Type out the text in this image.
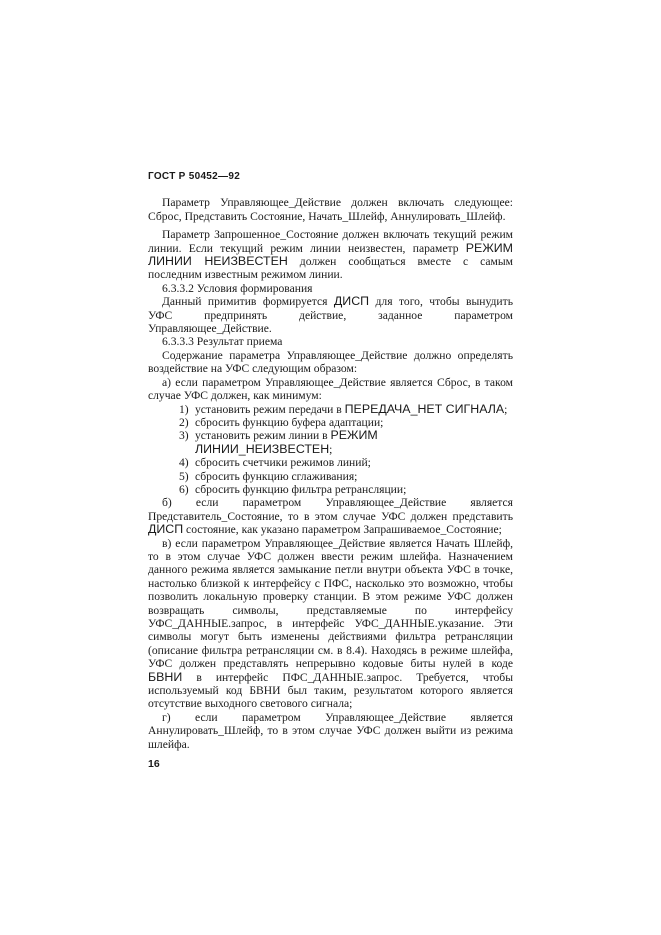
ГОСТ Р 50452—92

Параметр Управляющее_Действие должен включать следующее: Сброс, Представить Состояние, Начать_Шлейф, Аннулировать_Шлейф.

Параметр Запрошенное_Состояние должен включать текущий режим линии. Если текущий режим линии неизвестен, параметр РЕЖИМ ЛИНИИ НЕИЗВЕСТЕН должен сообщаться вместе с самым последним известным режимом линии.

6.3.3.2 Условия формирования

Данный примитив формируется ДИСП для того, чтобы вынудить УФС предпринять действие, заданное параметром Управляющее_Действие.

6.3.3.3 Результат приема

Содержание параметра Управляющее_Действие должно определять воздействие на УФС следующим образом:

а) если параметром Управляющее_Действие является Сброс, в таком случае УФС должен, как минимум:

1) установить режим передачи в ПЕРЕДАЧА_НЕТ СИГНАЛА;
2) сбросить функцию буфера адаптации;
3) установить режим линии в РЕЖИМ ЛИНИИ_НЕИЗВЕСТЕН;
4) сбросить счетчики режимов линий;
5) сбросить функцию сглаживания;
6) сбросить функцию фильтра ретрансляции;

б) если параметром Управляющее_Действие является Представитель_Состояние, то в этом случае УФС должен представить ДИСП состояние, как указано параметром Запрашиваемое_Состояние;

в) если параметром Управляющее_Действие является Начать Шлейф, то в этом случае УФС должен ввести режим шлейфа. Назначением данного режима является замыкание петли внутри объекта УФС в точке, настолько близкой к интерфейсу с ПФС, насколько это возможно, чтобы позволить локальную проверку станции. В этом режиме УФС должен возвращать символы, представляемые по интерфейсу УФС_ДАННЫЕ.запрос, в интерфейс УФС_ДАННЫЕ.указание. Эти символы могут быть изменены действиями фильтра ретрансляции (описание фильтра ретрансляции см. в 8.4). Находясь в режиме шлейфа, УФС должен представлять непрерывно кодовые биты нулей в коде БВНИ в интерфейс ПФС_ДАННЫЕ.запрос. Требуется, чтобы используемый код БВНИ был таким, результатом которого является отсутствие выходного светового сигнала;

г) если параметром Управляющее_Действие является Аннулировать_Шлейф, то в этом случае УФС должен выйти из режима шлейфа.

16
